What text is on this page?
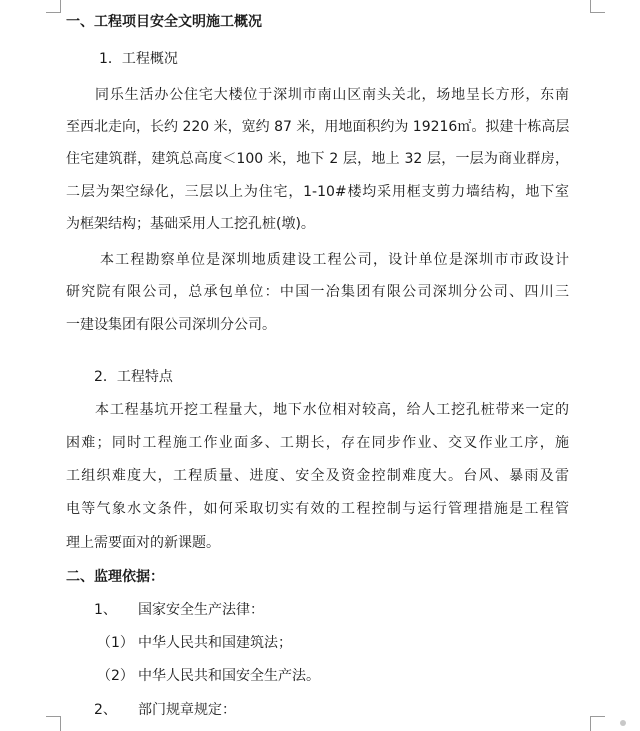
一、工程项目安全文明施工概况
1．工程概况
同乐生活办公住宅大楼位于深圳市南山区南头关北，场地呈长方形，东南
至西北走向，长约 220 米，宽约 87 米，用地面积约为 19216㎡。拟建十栋高层
住宅建筑群，建筑总高度＜100 米，地下 2 层，地上 32 层，一层为商业群房，
二层为架空绿化，三层以上为住宅，1-10#楼均采用框支剪力墙结构，地下室
为框架结构；基础采用人工挖孔桩(墩)。
本工程勘察单位是深圳地质建设工程公司，设计单位是深圳市市政设计
研究院有限公司，总承包单位：中国一冶集团有限公司深圳分公司、四川三
一建设集团有限公司深圳分公司。
2．工程特点
本工程基坑开挖工程量大，地下水位相对较高，给人工挖孔桩带来一定的
困难；同时工程施工作业面多、工期长，存在同步作业、交叉作业工序，施
工组织难度大，工程质量、进度、安全及资金控制难度大。台风、暴雨及雷
电等气象水文条件，如何采取切实有效的工程控制与运行管理措施是工程管
理上需要面对的新课题。
二、监理依据：
1、 国家安全生产法律：
（1） 中华人民共和国建筑法；
（2） 中华人民共和国安全生产法。
2、 部门规章规定：
